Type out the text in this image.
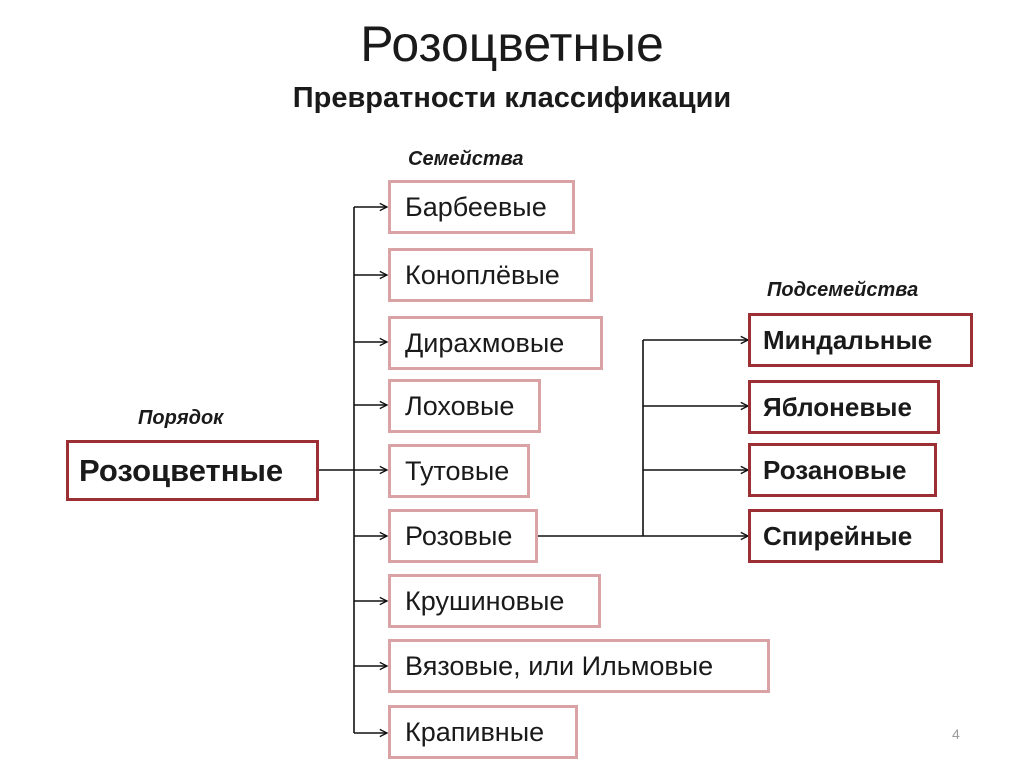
Розоцветные
Превратности классификации
Порядок
Семейства
Подсемейства
Розоцветные
Барбеевые
Коноплёвые
Дирахмовые
Лоховые
Тутовые
Розовые
Крушиновые
Вязовые, или Ильмовые
Крапивные
Миндальные
Яблоневые
Розановые
Спирейные
4
